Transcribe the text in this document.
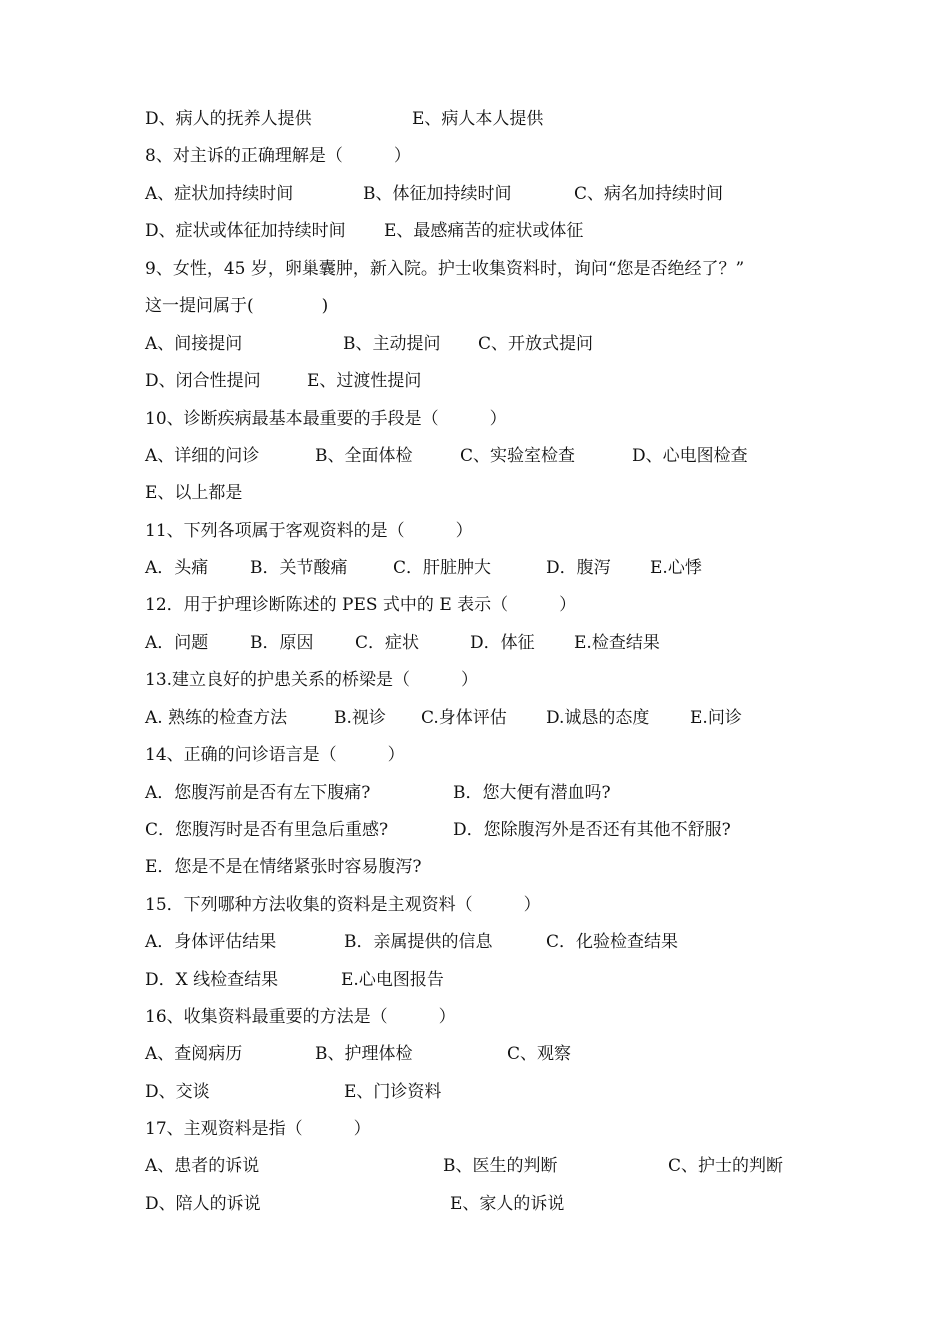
D、病人的抚养人提供	E、病人本人提供
8、对主诉的正确理解是（　　　）
A、症状加持续时间	B、体征加持续时间	C、病名加持续时间
D、症状或体征加持续时间 E、最感痛苦的症状或体征
9、女性，45 岁，卵巢囊肿，新入院。护士收集资料时，询问“您是否绝经了？”
这一提问属于(　　　　)
A、间接提问	B、主动提问 C、开放式提问
D、闭合性提问	E、过渡性提问
10、诊断疾病最基本最重要的手段是（　　　）
A、详细的问诊	B、全面体检	C、实验室检查	D、心电图检查
E、以上都是
11、下列各项属于客观资料的是（　　　）
A．头痛 B．关节酸痛	C．肝脏肿大	D．腹泻 E.心悸
12．用于护理诊断陈述的 PES 式中的 E 表示（　　　）
A．问题 B．原因 C．症状	D．体征 E.检查结果
13.建立良好的护患关系的桥梁是（　　　）
A. 熟练的检查方法	B.视诊 C.身体评估 D.诚恳的态度 E.问诊
14、正确的问诊语言是（　　　）
A．您腹泻前是否有左下腹痛?	B．您大便有潜血吗?
C．您腹泻时是否有里急后重感?	D．您除腹泻外是否还有其他不舒服?
E．您是不是在情绪紧张时容易腹泻?
15．下列哪种方法收集的资料是主观资料（　　　）
A．身体评估结果	B．亲属提供的信息	C．化验检查结果
D．X 线检查结果	E.心电图报告
16、收集资料最重要的方法是（　　　）
A、查阅病历	B、护理体检	C、观察
D、交谈	E、门诊资料
17、主观资料是指（　　　）
A、患者的诉说	B、医生的判断	C、护士的判断
D、陪人的诉说	E、家人的诉说
